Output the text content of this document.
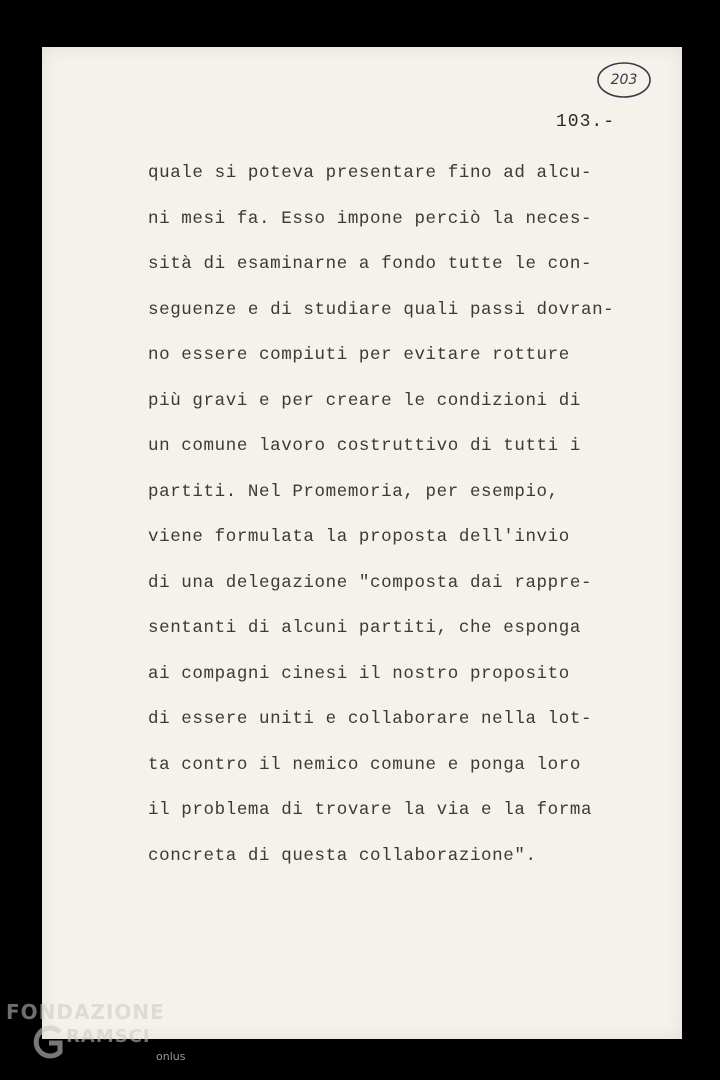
203
103.-
quale si poteva presentare fino ad alcu-
ni mesi fa. Esso impone perciò la neces-
sità di esaminarne a fondo tutte le con-
seguenze e di studiare quali passi dovran-
no essere compiuti per evitare rotture
più gravi e per creare le condizioni di
un comune lavoro costruttivo di tutti i
partiti. Nel Promemoria, per esempio,
viene formulata la proposta dell'invio
di una delegazione "composta dai rappre-
sentanti di alcuni partiti, che esponga
ai compagni cinesi il nostro proposito
di essere uniti e collaborare nella lot-
ta contro il nemico comune e ponga loro
il problema di trovare la via e la forma
concreta di questa collaborazione".
FONDAZIONE
RAMSCI
onlus
